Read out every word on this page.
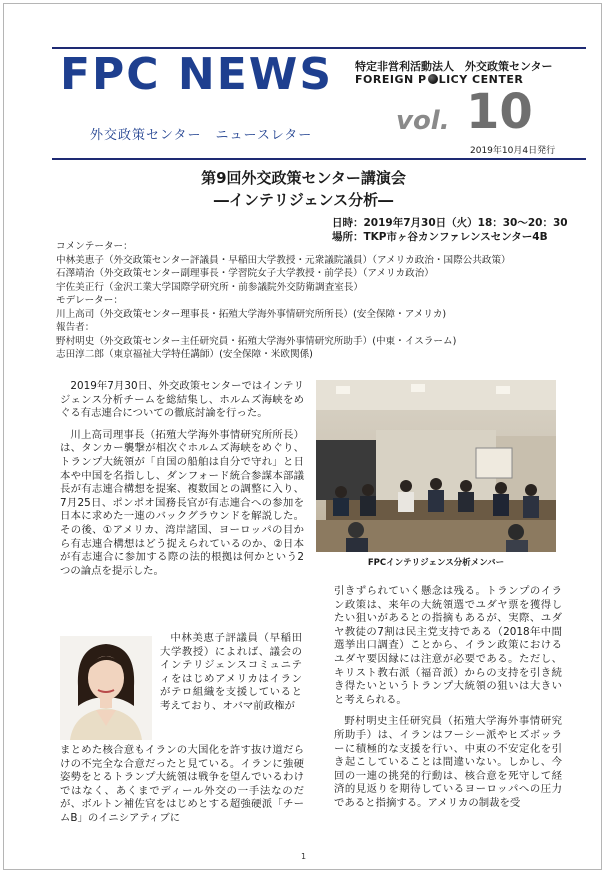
FPC NEWS
外交政策センター　ニュースレター
特定非営利活動法人　外交政策センター
FOREIGN P LICY CENTER
vol. 10
2019年10月4日発行
第9回外交政策センター講演会
―インテリジェンス分析―
日時：2019年7月30日（火）18：30～20：30
場所：TKP市ヶ谷カンファレンスセンター4B
コメンテーター：
中林美恵子（外交政策センター評議員・早稲田大学教授・元衆議院議員）（アメリカ政治・国際公共政策）
石澤靖治（外交政策センター副理事長・学習院女子大学教授・前学長）（アメリカ政治）
宇佐美正行（金沢工業大学国際学研究所・前参議院外交防衛調査室長）
モデレーター：
川上高司（外交政策センター理事長・拓殖大学海外事情研究所所長）(安全保障・アメリカ)
報告者：
野村明史（外交政策センター主任研究員・拓殖大学海外事情研究所助手）(中東・イスラーム)
志田淳二郎（東京福祉大学特任講師）(安全保障・米欧関係)

2019年7月30日、外交政策センターではインテリジェンス分析チームを総結集し、ホルムズ海峡をめぐる有志連合についての徹底討論を行った。

川上高司理事長（拓殖大学海外事情研究所所長）は、タンカー襲撃が相次ぐホルムズ海峡をめぐり、トランプ大統領が「自国の船舶は自分で守れ」と日本や中国を名指しし、ダンフォード統合参謀本部議長が有志連合構想を提案、複数国との調整に入り、7月25日、ポンポオ国務長官が有志連合への参加を日本に求めた一連のバックグラウンドを解説した。その後、①アメリカ、湾岸諸国、ヨーロッパの目から有志連合構想はどう捉えられているのか、②日本が有志連合に参加する際の法的根拠は何かという2つの論点を提示した。

FPCインテリジェンス分析メンバー

中林美恵子評議員（早稲田大学教授）によれば、議会のインテリジェンスコミュニティをはじめアメリカはイランがテロ組織を支援していると考えており、オバマ前政権が

まとめた核合意もイランの大国化を許す抜け道だらけの不完全な合意だったと見ている。イランに強硬姿勢をとるトランプ大統領は戦争を望んでいるわけではなく、あくまでディール外交の一手法なのだが、ボルトン補佐官をはじめとする超強硬派「チームB」のイニシアティブに

引きずられていく懸念は残る。トランプのイラン政策は、来年の大統領選でユダヤ票を獲得したい狙いがあるとの指摘もあるが、実際、ユダヤ教徒の7割は民主党支持である（2018年中間選挙出口調査）ことから、イラン政策におけるユダヤ要因縁には注意が必要である。ただし、キリスト教右派（福音派）からの支持を引き続き得たいというトランプ大統領の狙いは大きいと考えられる。

野村明史主任研究員（拓殖大学海外事情研究所助手）は、イランはフーシー派やヒズボッラーに積極的な支援を行い、中東の不安定化を引き起こしていることは間違いない。しかし、今回の一連の挑発的行動は、核合意を死守して経済的見返りを期待しているヨーロッパへの圧力であると指摘する。アメリカの制裁を受

1
